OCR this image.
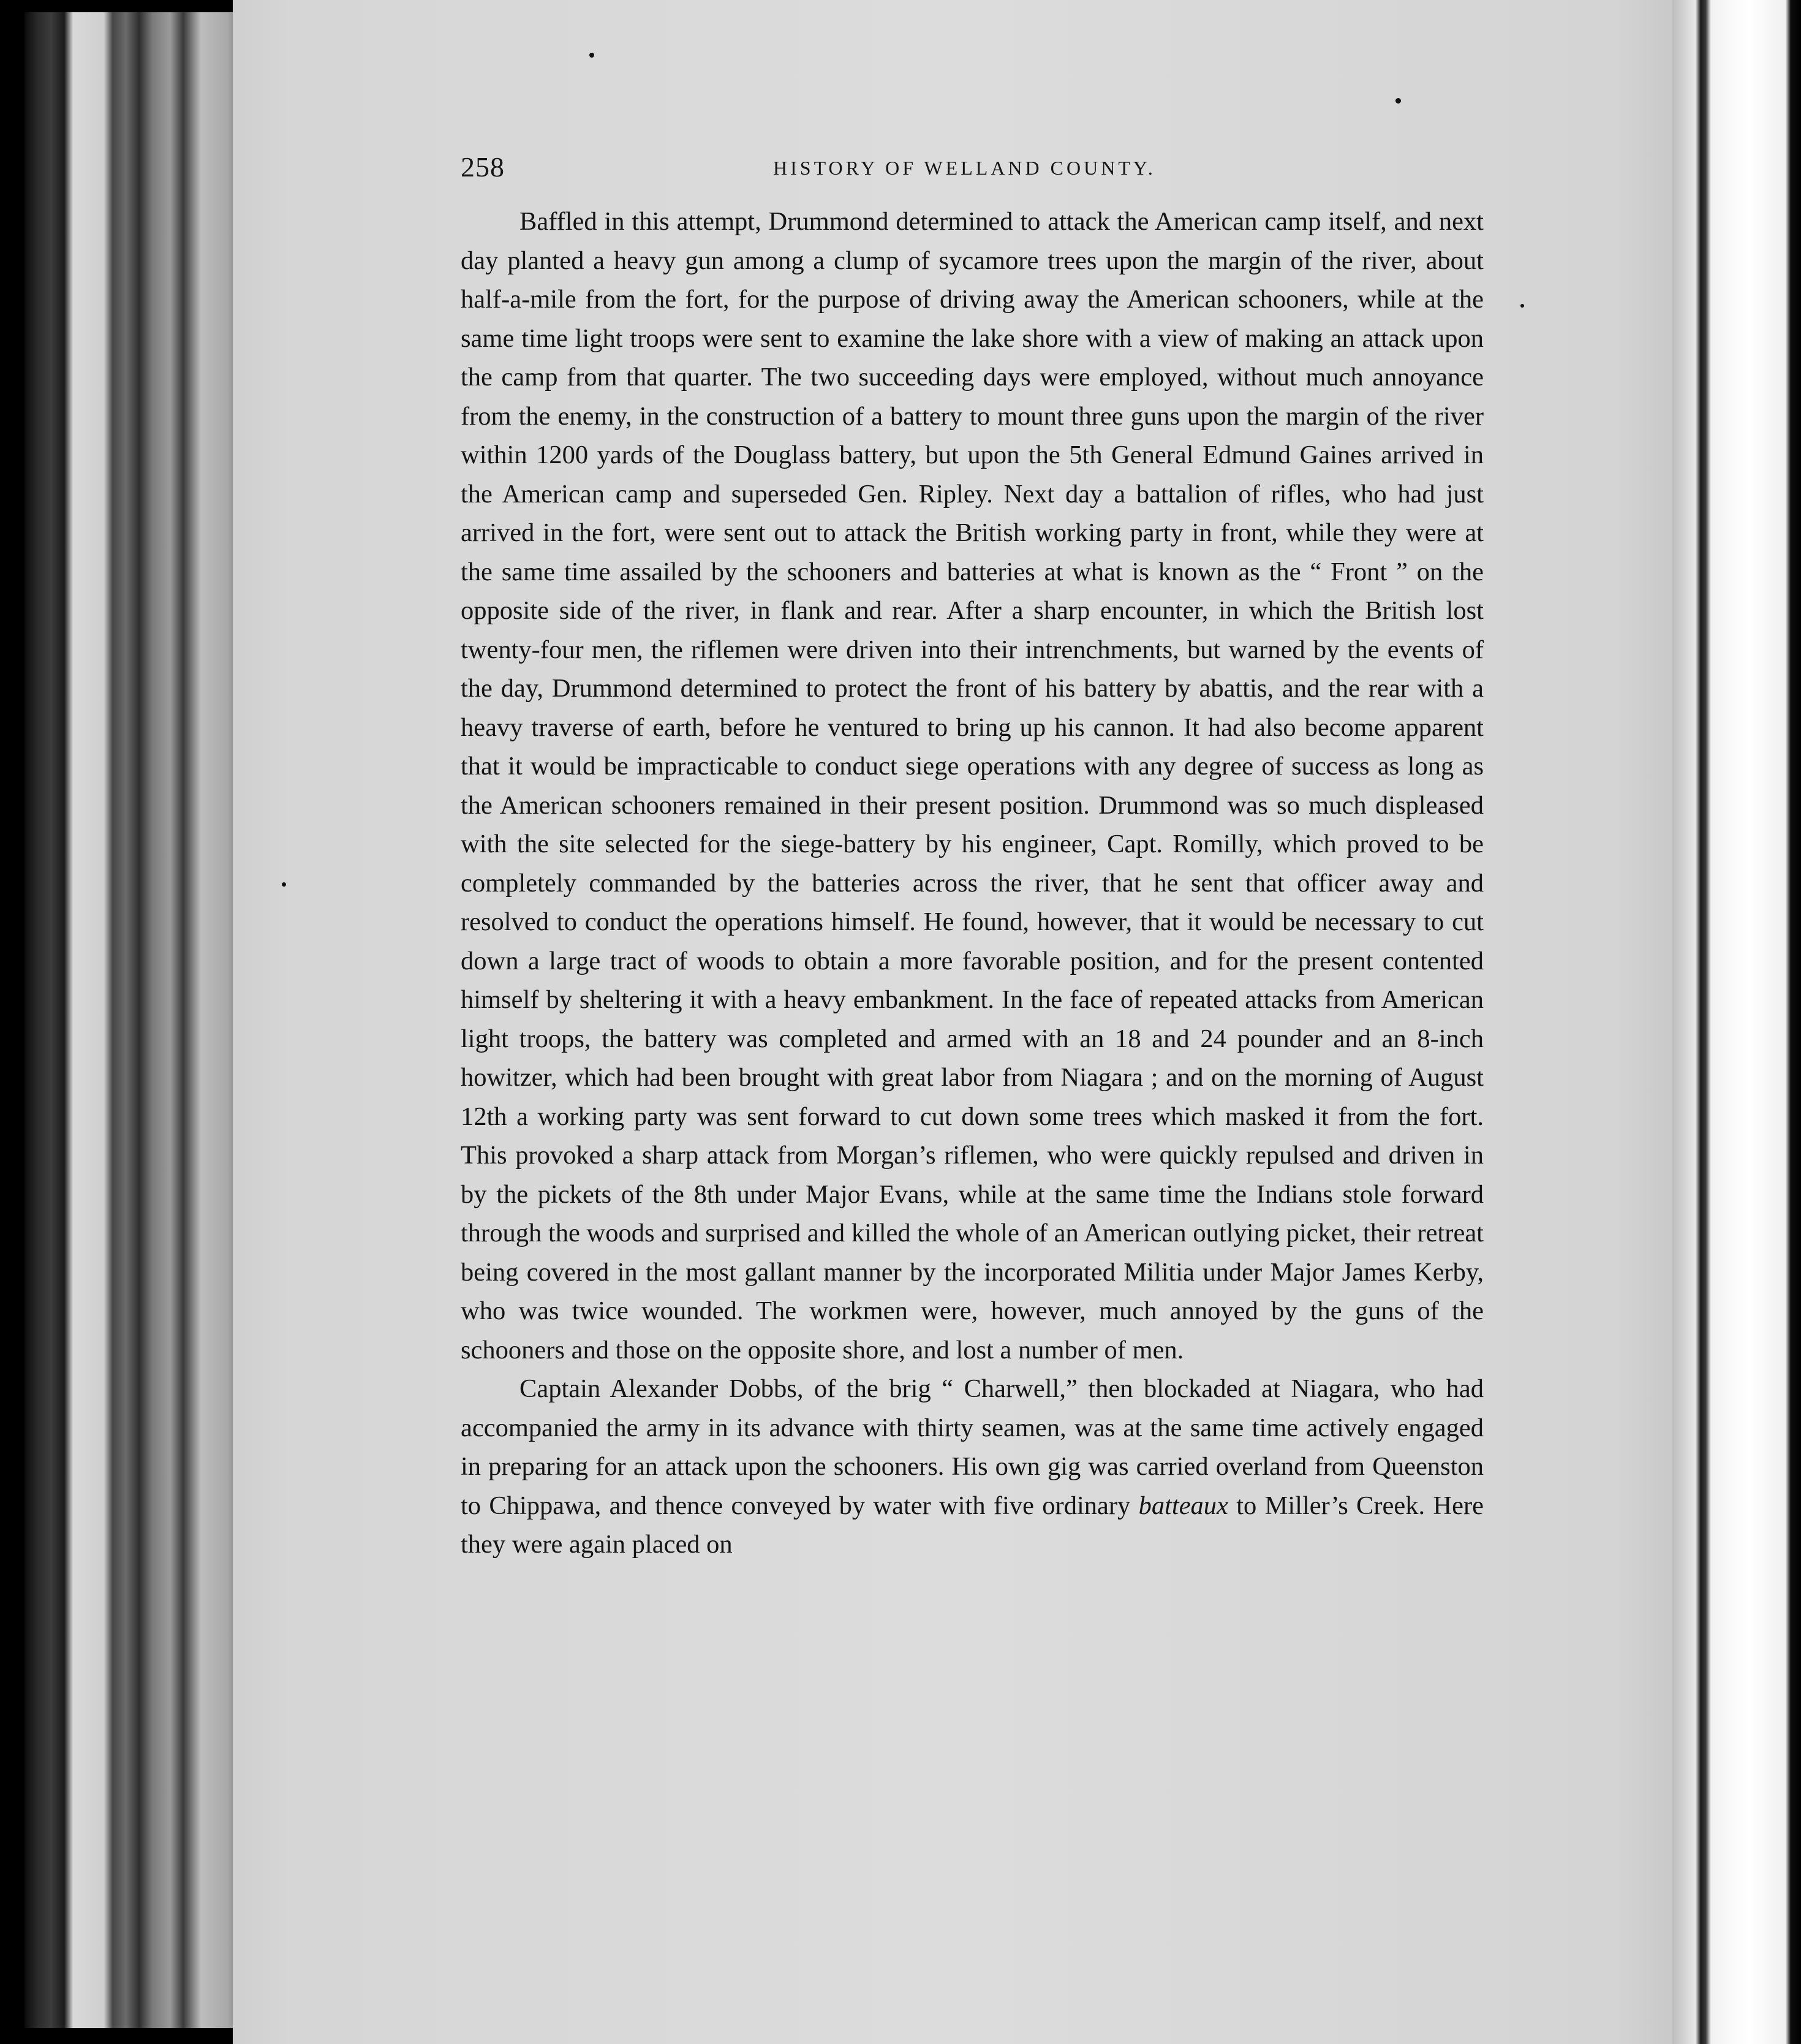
258	HISTORY OF WELLAND COUNTY.

Baffled in this attempt, Drummond determined to attack the American camp itself, and next day planted a heavy gun among a clump of sycamore trees upon the margin of the river, about half-a-mile from the fort, for the purpose of driving away the American schooners, while at the same time light troops were sent to examine the lake shore with a view of making an attack upon the camp from that quarter. The two succeeding days were employed, without much annoyance from the enemy, in the construction of a battery to mount three guns upon the margin of the river within 1200 yards of the Douglass battery, but upon the 5th General Edmund Gaines arrived in the American camp and superseded Gen. Ripley. Next day a battalion of rifles, who had just arrived in the fort, were sent out to attack the British working party in front, while they were at the same time assailed by the schooners and batteries at what is known as the “ Front ” on the opposite side of the river, in flank and rear. After a sharp encounter, in which the British lost twenty-four men, the riflemen were driven into their intrenchments, but warned by the events of the day, Drummond determined to protect the front of his battery by abattis, and the rear with a heavy traverse of earth, before he ventured to bring up his cannon. It had also become apparent that it would be impracticable to conduct siege operations with any degree of success as long as the American schooners remained in their present position. Drummond was so much displeased with the site selected for the siege-battery by his engineer, Capt. Romilly, which proved to be completely commanded by the batteries across the river, that he sent that officer away and resolved to conduct the operations himself. He found, however, that it would be necessary to cut down a large tract of woods to obtain a more favorable position, and for the present contented himself by sheltering it with a heavy embankment. In the face of repeated attacks from American light troops, the battery was completed and armed with an 18 and 24 pounder and an 8-inch howitzer, which had been brought with great labor from Niagara ; and on the morning of August 12th a working party was sent forward to cut down some trees which masked it from the fort. This provoked a sharp attack from Morgan’s riflemen, who were quickly repulsed and driven in by the pickets of the 8th under Major Evans, while at the same time the Indians stole forward through the woods and surprised and killed the whole of an American outlying picket, their retreat being covered in the most gallant manner by the incorporated Militia under Major James Kerby, who was twice wounded. The workmen were, however, much annoyed by the guns of the schooners and those on the opposite shore, and lost a number of men.

Captain Alexander Dobbs, of the brig “ Charwell,” then blockaded at Niagara, who had accompanied the army in its advance with thirty seamen, was at the same time actively engaged in preparing for an attack upon the schooners. His own gig was carried overland from Queenston to Chippawa, and thence conveyed by water with five ordinary batteaux to Miller’s Creek. Here they were again placed on
